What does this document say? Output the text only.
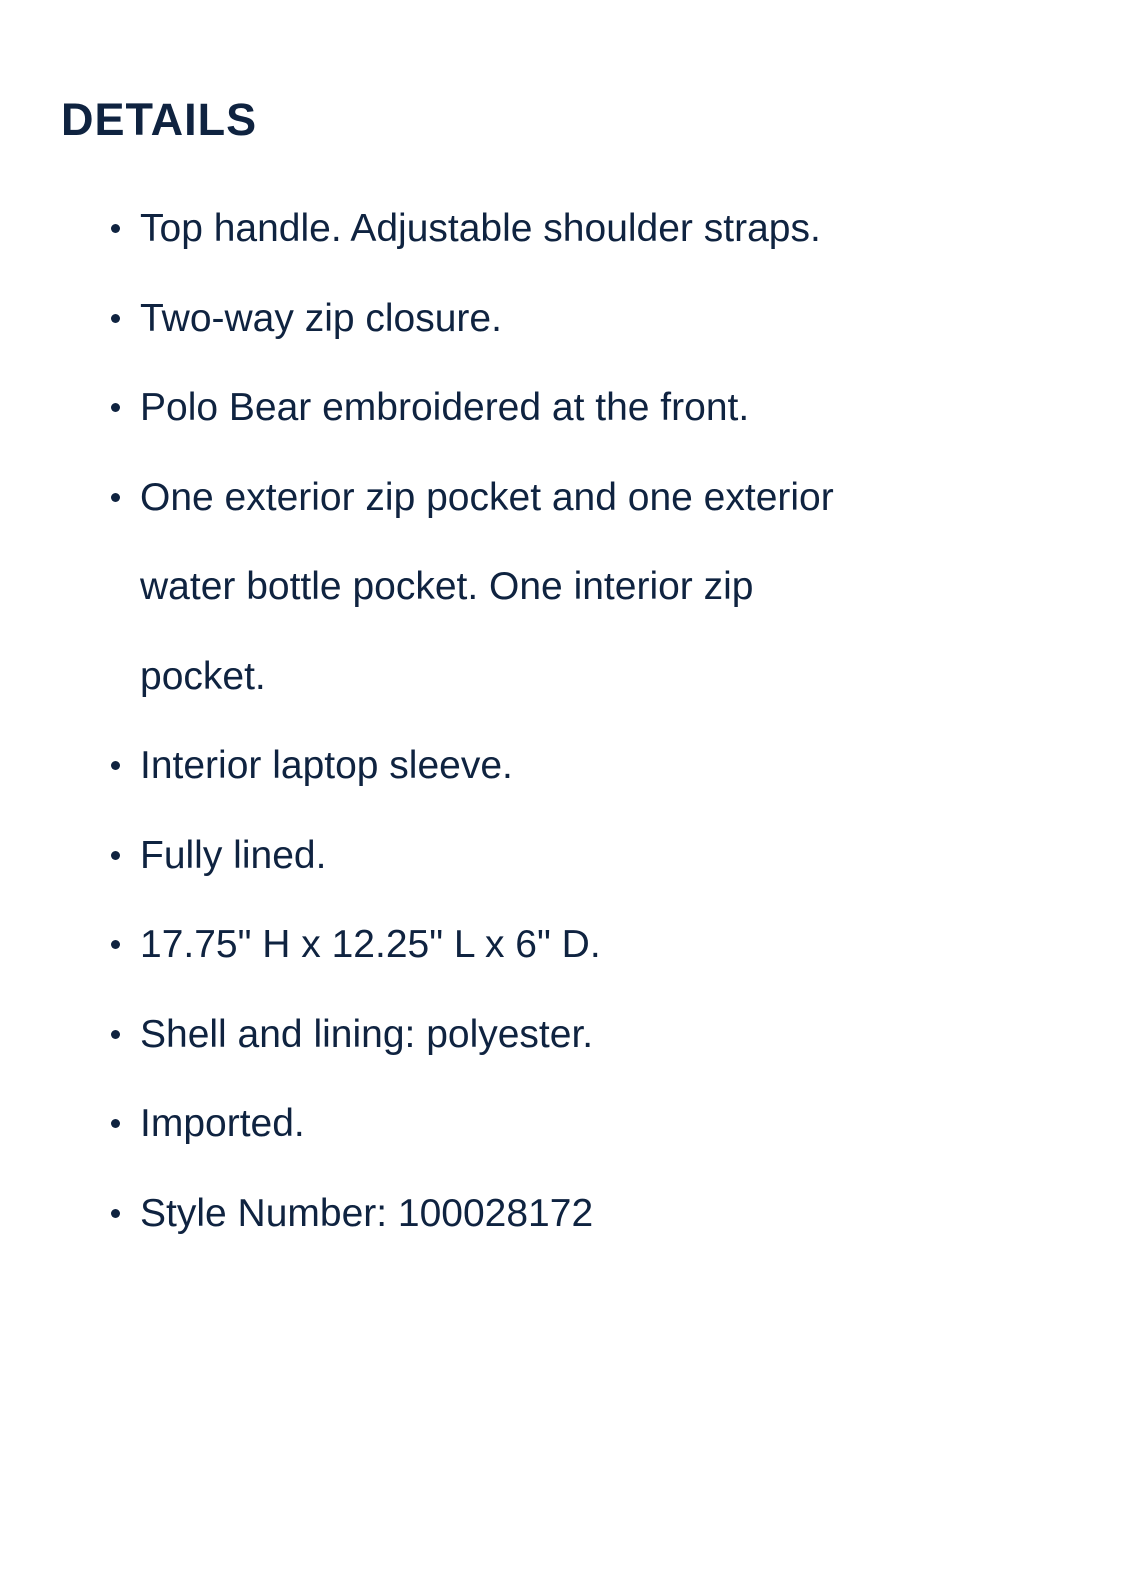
DETAILS
Top handle. Adjustable shoulder straps.
Two-way zip closure.
Polo Bear embroidered at the front.
One exterior zip pocket and one exterior water bottle pocket. One interior zip pocket.
Interior laptop sleeve.
Fully lined.
17.75" H x 12.25" L x 6" D.
Shell and lining: polyester.
Imported.
Style Number: 100028172
